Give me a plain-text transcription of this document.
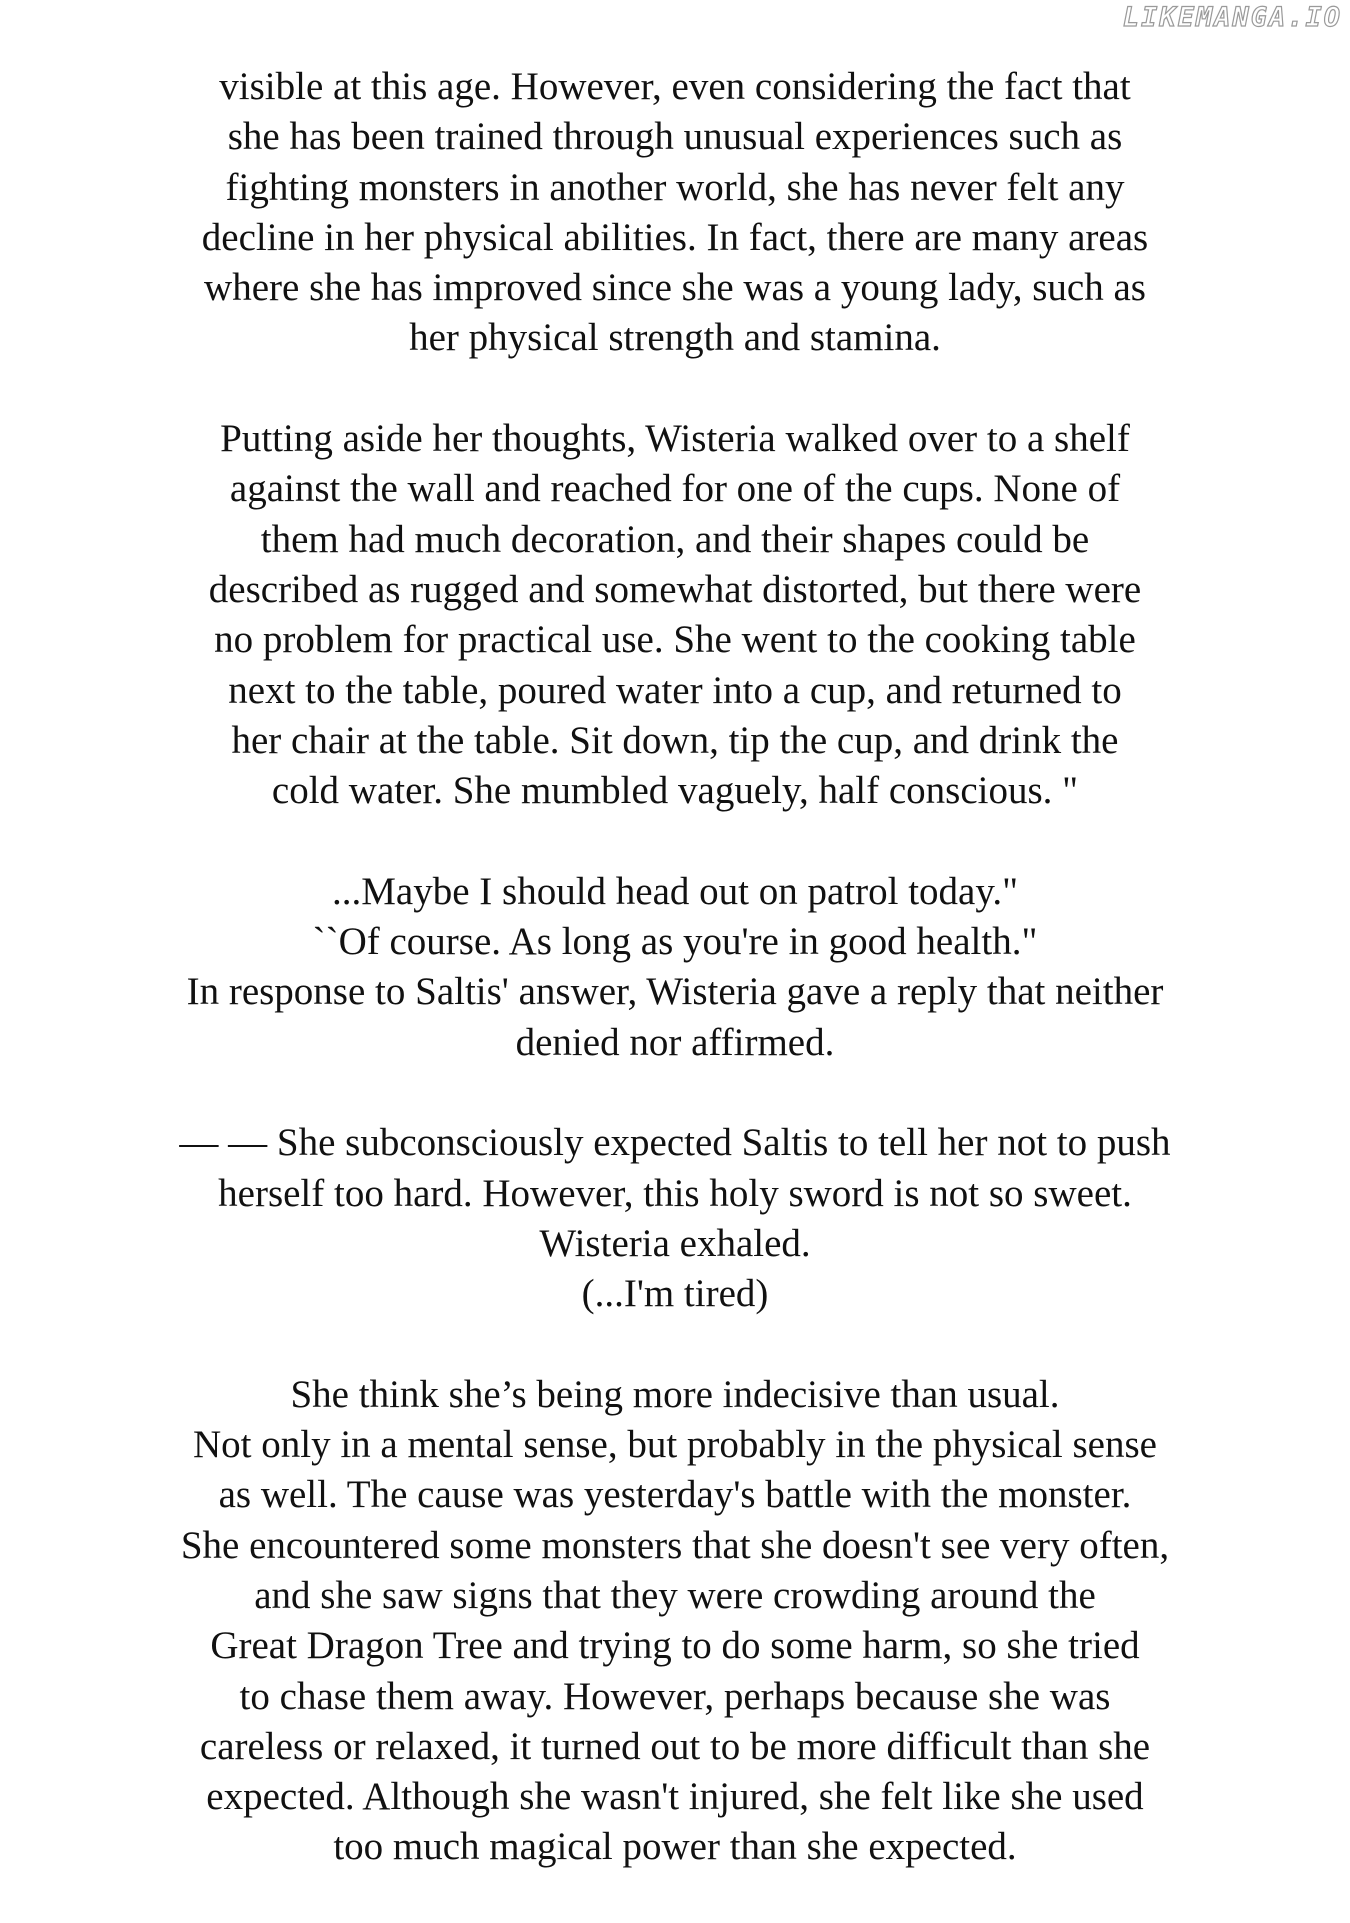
LIKEMANGA.IO

visible at this age. However, even considering the fact that
she has been trained through unusual experiences such as
fighting monsters in another world, she has never felt any
decline in her physical abilities. In fact, there are many areas
where she has improved since she was a young lady, such as
her physical strength and stamina.

Putting aside her thoughts, Wisteria walked over to a shelf
against the wall and reached for one of the cups. None of
them had much decoration, and their shapes could be
described as rugged and somewhat distorted, but there were
no problem for practical use. She went to the cooking table
next to the table, poured water into a cup, and returned to
her chair at the table. Sit down, tip the cup, and drink the
cold water. She mumbled vaguely, half conscious. "

...Maybe I should head out on patrol today."
``Of course. As long as you're in good health."
In response to Saltis' answer, Wisteria gave a reply that neither
denied nor affirmed.

— — She subconsciously expected Saltis to tell her not to push
herself too hard. However, this holy sword is not so sweet.
Wisteria exhaled.
(...I'm tired)

She think she’s being more indecisive than usual.
Not only in a mental sense, but probably in the physical sense
as well. The cause was yesterday's battle with the monster.
She encountered some monsters that she doesn't see very often,
and she saw signs that they were crowding around the
Great Dragon Tree and trying to do some harm, so she tried
to chase them away. However, perhaps because she was
careless or relaxed, it turned out to be more difficult than she
expected. Although she wasn't injured, she felt like she used
too much magical power than she expected.
